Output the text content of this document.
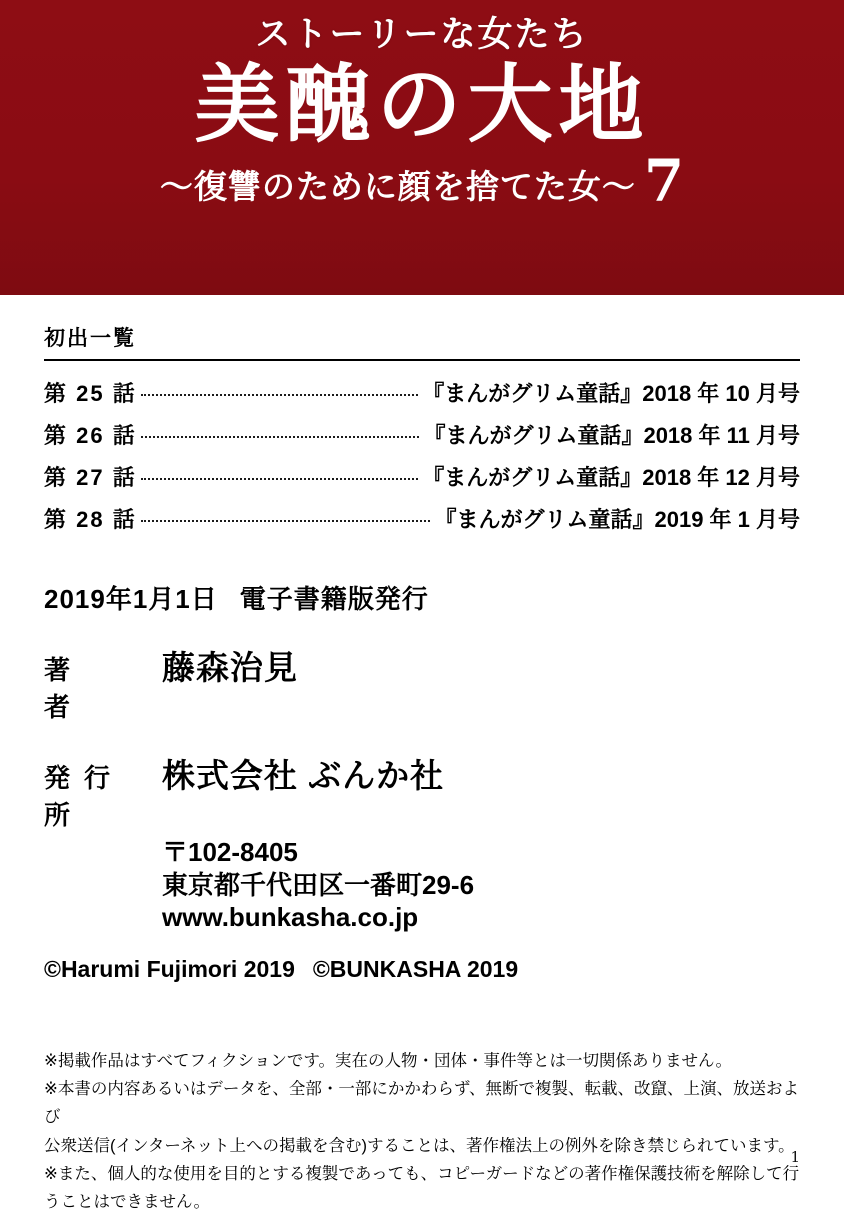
ストーリーな女たち
美醜の大地
〜復讐のために顔を捨てた女〜 7
初出一覧
第 25 話	『まんがグリム童話』2018 年 10 月号
第 26 話	『まんがグリム童話』2018 年 11 月号
第 27 話	『まんがグリム童話』2018 年 12 月号
第 28 話	『まんがグリム童話』2019 年 1 月号
2019年1月1日 電子書籍版発行
著　者
藤森治見
発行所
株式会社 ぶんか社
〒102-8405
東京都千代田区一番町29-6
www.bunkasha.co.jp
©Harumi Fujimori 2019 ©BUNKASHA 2019

※掲載作品はすべてフィクションです。実在の人物・団体・事件等とは一切関係ありません。

※本書の内容あるいはデータを、全部・一部にかかわらず、無断で複製、転載、改竄、上演、放送および

公衆送信(インターネット上への掲載を含む)することは、著作権法上の例外を除き禁じられています。

※また、個人的な使用を目的とする複製であっても、コピーガードなどの著作権保護技術を解除して行

うことはできません。

1
